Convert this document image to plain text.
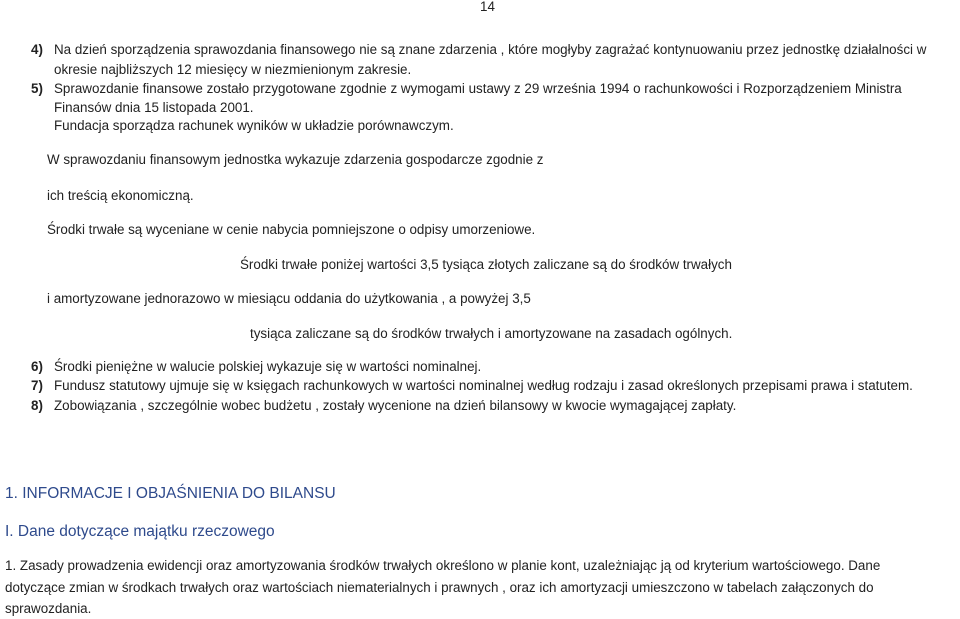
14
4) Na dzień sporządzenia sprawozdania finansowego nie są znane zdarzenia , które mogłyby zagrażać kontynuowaniu przez jednostkę działalności w
okresie najbliższych 12 miesięcy w niezmienionym zakresie.
5) Sprawozdanie finansowe zostało przygotowane zgodnie z wymogami ustawy z 29 września 1994 o rachunkowości i Rozporządzeniem Ministra
Finansów dnia 15 listopada 2001.
Fundacja sporządza rachunek wyników w układzie porównawczym.
W sprawozdaniu finansowym jednostka wykazuje zdarzenia gospodarcze zgodnie z
ich treścią ekonomiczną.
Środki trwałe są wyceniane w cenie nabycia pomniejszone o odpisy umorzeniowe.
Środki trwałe poniżej wartości 3,5 tysiąca złotych zaliczane są do środków trwałych
i amortyzowane jednorazowo w miesiącu oddania do użytkowania , a powyżej 3,5
tysiąca zaliczane są do środków trwałych i amortyzowane na zasadach ogólnych.
6) Środki pieniężne w walucie polskiej wykazuje się w wartości nominalnej.
7) Fundusz statutowy ujmuje się w księgach rachunkowych w wartości nominalnej według rodzaju i zasad określonych przepisami prawa i statutem.
8) Zobowiązania , szczególnie wobec budżetu , zostały wycenione na dzień bilansowy w kwocie wymagającej zapłaty.
1. INFORMACJE I OBJAŚNIENIA DO BILANSU
I. Dane dotyczące majątku rzeczowego
1. Zasady prowadzenia ewidencji oraz amortyzowania środków trwałych określono w planie kont, uzależniając ją od kryterium wartościowego. Dane
dotyczące zmian w środkach trwałych oraz wartościach niematerialnych i prawnych , oraz ich amortyzacji umieszczono w tabelach załączonych do
sprawozdania.
